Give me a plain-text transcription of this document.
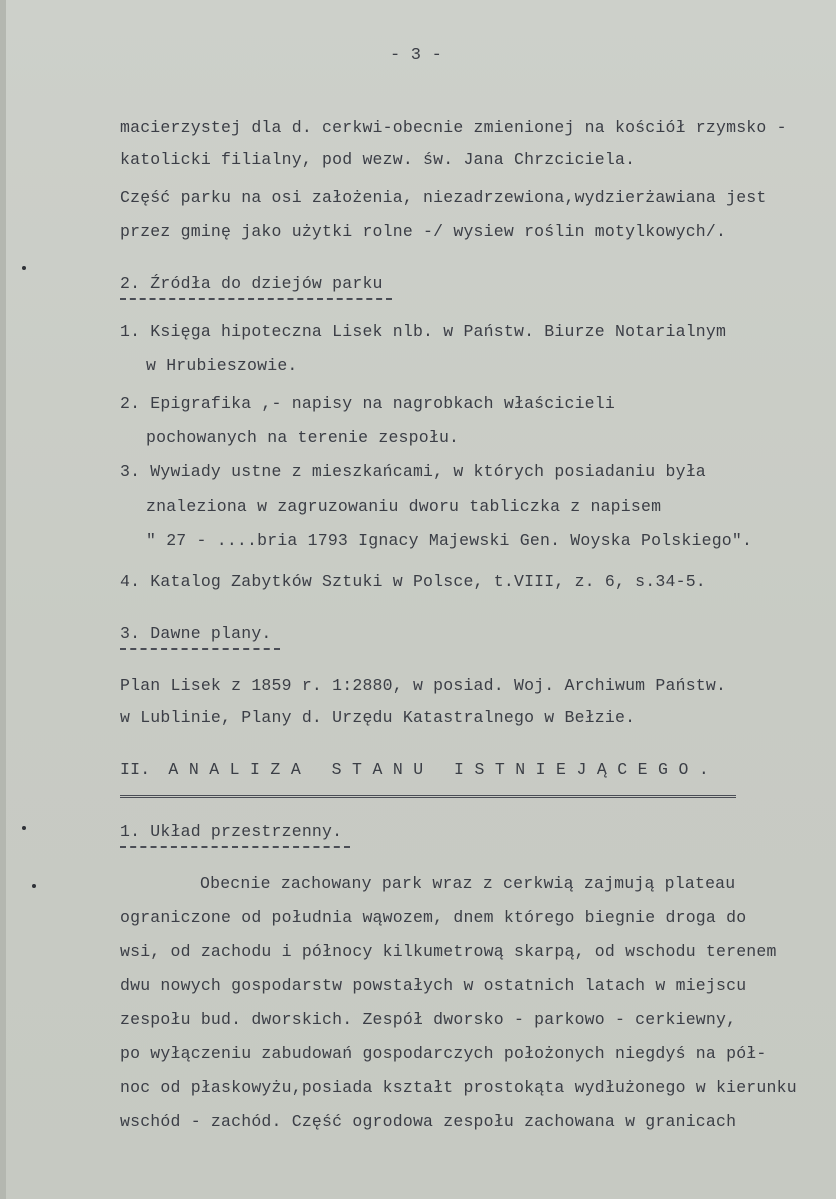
- 3 -
macierzystej dla d. cerkwi-obecnie zmienionej na kościół rzymsko -
katolicki filialny, pod wezw. św. Jana Chrzciciela.
Część parku na osi założenia, niezadrzewiona,wydzierżawiana jest
przez gminę jako użytki rolne -/ wysiew roślin motylkowych/.
2. Źródła do dziejów parku
1. Księga hipoteczna Lisek nlb. w Państw. Biurze Notarialnym
w Hrubieszowie.
2. Epigrafika ,- napisy na nagrobkach właścicieli
pochowanych na terenie zespołu.
3. Wywiady ustne z mieszkańcami, w których posiadaniu była
znaleziona w zagruzowaniu dworu tabliczka z napisem
" 27 - ....bria 1793 Ignacy Majewski Gen. Woyska Polskiego".
4. Katalog Zabytków Sztuki w Polsce, t.VIII, z. 6, s.34-5.
3. Dawne plany.
Plan Lisek z 1859 r. 1:2880, w posiad. Woj. Archiwum Państw.
w Lublinie, Plany d. Urzędu Katastralnego w Bełzie.
II. ANALIZA STANU ISTNIEJĄCEGO.
1. Układ przestrzenny.
Obecnie zachowany park wraz z cerkwią zajmują plateau
ograniczone od południa wąwozem, dnem którego biegnie droga do
wsi, od zachodu i północy kilkumetrową skarpą, od wschodu terenem
dwu nowych gospodarstw powstałych w ostatnich latach w miejscu
zespołu bud. dworskich. Zespół dworsko - parkowo - cerkiewny,
po wyłączeniu zabudowań gospodarczych położonych niegdyś na pół-
noc od płaskowyżu,posiada kształt prostokąta wydłużonego w kierunku
wschód - zachód. Część ogrodowa zespołu zachowana w granicach
